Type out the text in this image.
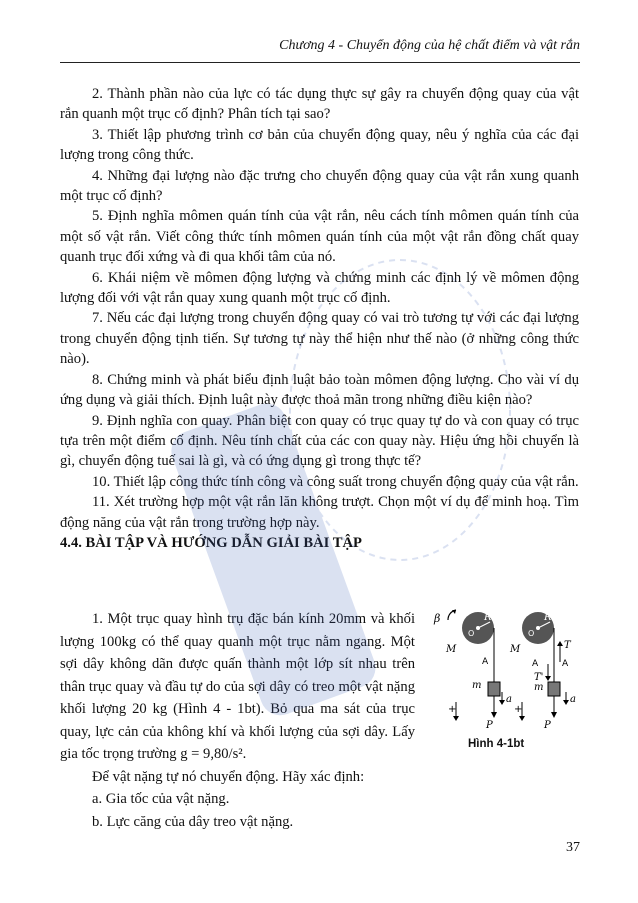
Chương 4 - Chuyển động của hệ chất điểm và vật rắn

2. Thành phần nào của lực có tác dụng thực sự gây ra chuyển động quay của vật rắn quanh một trục cố định? Phân tích tại sao?

3. Thiết lập phương trình cơ bản của chuyển động quay, nêu ý nghĩa của các đại lượng trong công thức.

4. Những đại lượng nào đặc trưng cho chuyển động quay của vật rắn xung quanh một trục cố định?

5. Định nghĩa mômen quán tính của vật rắn, nêu cách tính mômen quán tính của một số vật rắn. Viết công thức tính mômen quán tính của một vật rắn đồng chất quay quanh trục đối xứng và đi qua khối tâm của nó.

6. Khái niệm về mômen động lượng và chứng minh các định lý về mômen động lượng đối với vật rắn quay xung quanh một trục cố định.

7. Nếu các đại lượng trong chuyển động quay có vai trò tương tự với các đại lượng trong chuyển động tịnh tiến. Sự tương tự này thể hiện như thế nào (ở những công thức nào).

8. Chứng minh và phát biểu định luật bảo toàn mômen động lượng. Cho vài ví dụ ứng dụng và giải thích. Định luật này được thoả mãn trong những điều kiện nào?

9. Định nghĩa con quay. Phân biệt con quay có trục quay tự do và con quay có trục tựa trên một điểm cố định. Nêu tính chất của các con quay này. Hiệu ứng hồi chuyển là gì, chuyển động tuế sai là gì, và có ứng dụng gì trong thực tế?

10. Thiết lập công thức tính công và công suất trong chuyển động quay của vật rắn.

11. Xét trường hợp một vật rắn lăn không trượt. Chọn một ví dụ để minh hoạ. Tìm động năng của vật rắn trong trường hợp này.

4.4. BÀI TẬP VÀ HƯỚNG DẪN GIẢI BÀI TẬP

1. Một trục quay hình trụ đặc bán kính 20mm và khối lượng 100kg có thể quay quanh một trục nằm ngang. Một sợi dây không dãn được quấn thành một lớp sít nhau trên thân trục quay và đầu tự do của sợi dây có treo một vật nặng khối lượng 20 kg (Hình 4 - 1bt). Bỏ qua ma sát của trục quay, lực cản của không khí và khối lượng của sợi dây. Lấy gia tốc trọng trường g = 9,80/s².

Để vật nặng tự nó chuyển động. Hãy xác định:

a. Gia tốc của vật nặng.

b. Lực căng của dây treo vật nặng.

β	R
O
M
A
m
P
a
+
R
O
M	T
A
A
T'
m
P
a
+
Hình 4-1bt
37
